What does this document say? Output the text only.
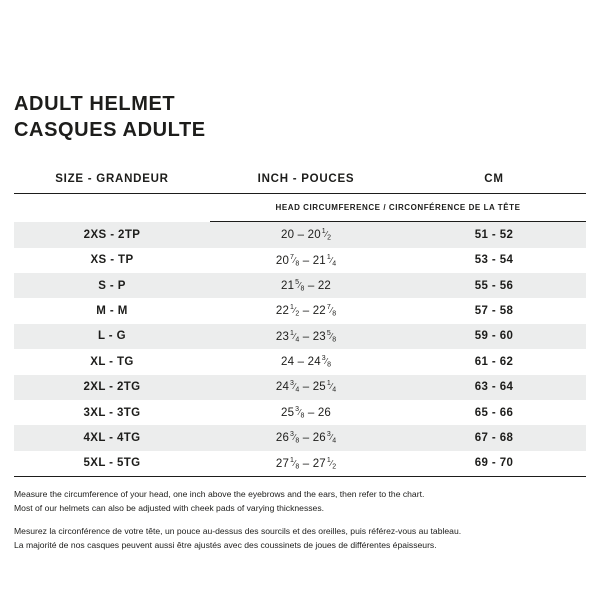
ADULT HELMET
CASQUES ADULTE
	HEAD CIRCUMFERENCE / CIRCONFÉRENCE DE LA TÊTE	
SIZE - GRANDEUR	INCH - POUCES	CM
2XS - 2TP	$20 - 20^1⁄_2$	51 - 52
XS - TP	$20^7⁄_8$ – $21^1⁄_4$	53 - 54
S - P	$21^5⁄_8 - 22$	55 - 56
M - M	$22^1⁄_2$ – $22^7⁄_8$	57 - 58
L - G	$23^1⁄_4$ – $23^5⁄_8$	59 - 60
XL - TG	$24 - 24^3⁄_8$	61 - 62
2XL - 2TG	$24^3⁄_4$ – $25^1⁄_4$	63 - 64
3XL - 3TG	$25^3⁄_8 - 26$	65 - 66
4XL - 4TG	$26^3⁄_8$ – $26^3⁄_4$	67 - 68
5XL - 5TG	$27^1⁄_8$ – $27^1⁄_2$	69 - 70

Measure the circumference of your head, one inch above the eyebrows and the ears, then refer to the chart.

Most of our helmets can also be adjusted with cheek pads of varying thicknesses.

Mesurez la circonférence de votre tête, un pouce au-dessus des sourcils et des oreilles, puis référez-vous au tableau.

La majorité de nos casques peuvent aussi être ajustés avec des coussinets de joues de différentes épaisseurs.
